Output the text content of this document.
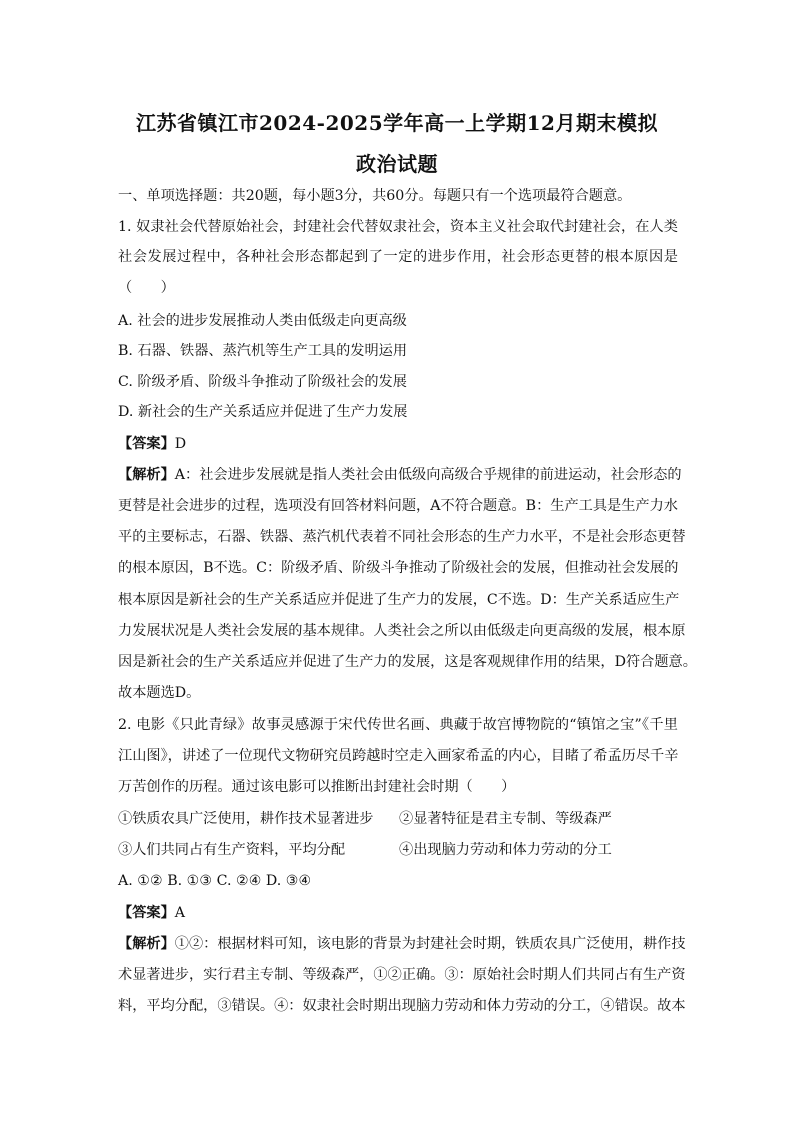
江苏省镇江市2024-2025学年高一上学期12月期末模拟
政治试题
一、单项选择题：共20题，每小题3分，共60分。每题只有一个选项最符合题意。
1. 奴隶社会代替原始社会，封建社会代替奴隶社会，资本主义社会取代封建社会，在人类
社会发展过程中，各种社会形态都起到了一定的进步作用，社会形态更替的根本原因是
（　　）
A. 社会的进步发展推动人类由低级走向更高级
B. 石器、铁器、蒸汽机等生产工具的发明运用
C. 阶级矛盾、阶级斗争推动了阶级社会的发展
D. 新社会的生产关系适应并促进了生产力发展
【答案】D
【解析】A：社会进步发展就是指人类社会由低级向高级合乎规律的前进运动，社会形态的
更替是社会进步的过程，选项没有回答材料问题，A不符合题意。B：生产工具是生产力水
平的主要标志，石器、铁器、蒸汽机代表着不同社会形态的生产力水平，不是社会形态更替
的根本原因，B不选。C：阶级矛盾、阶级斗争推动了阶级社会的发展，但推动社会发展的
根本原因是新社会的生产关系适应并促进了生产力的发展，C不选。D：生产关系适应生产
力发展状况是人类社会发展的基本规律。人类社会之所以由低级走向更高级的发展，根本原
因是新社会的生产关系适应并促进了生产力的发展，这是客观规律作用的结果，D符合题意。
故本题选D。
2. 电影《只此青绿》故事灵感源于宋代传世名画、典藏于故宫博物院的“镇馆之宝”《千里
江山图》，讲述了一位现代文物研究员跨越时空走入画家希孟的内心，目睹了希孟历尽千辛
万苦创作的历程。通过该电影可以推断出封建社会时期（　　）
①铁质农具广泛使用，耕作技术显著进步 ②显著特征是君主专制、等级森严
③人们共同占有生产资料，平均分配	④出现脑力劳动和体力劳动的分工
A. ①② B. ①③ C. ②④ D. ③④
【答案】A
【解析】①②：根据材料可知，该电影的背景为封建社会时期，铁质农具广泛使用，耕作技
术显著进步，实行君主专制、等级森严，①②正确。③：原始社会时期人们共同占有生产资
料，平均分配，③错误。④：奴隶社会时期出现脑力劳动和体力劳动的分工，④错误。故本
